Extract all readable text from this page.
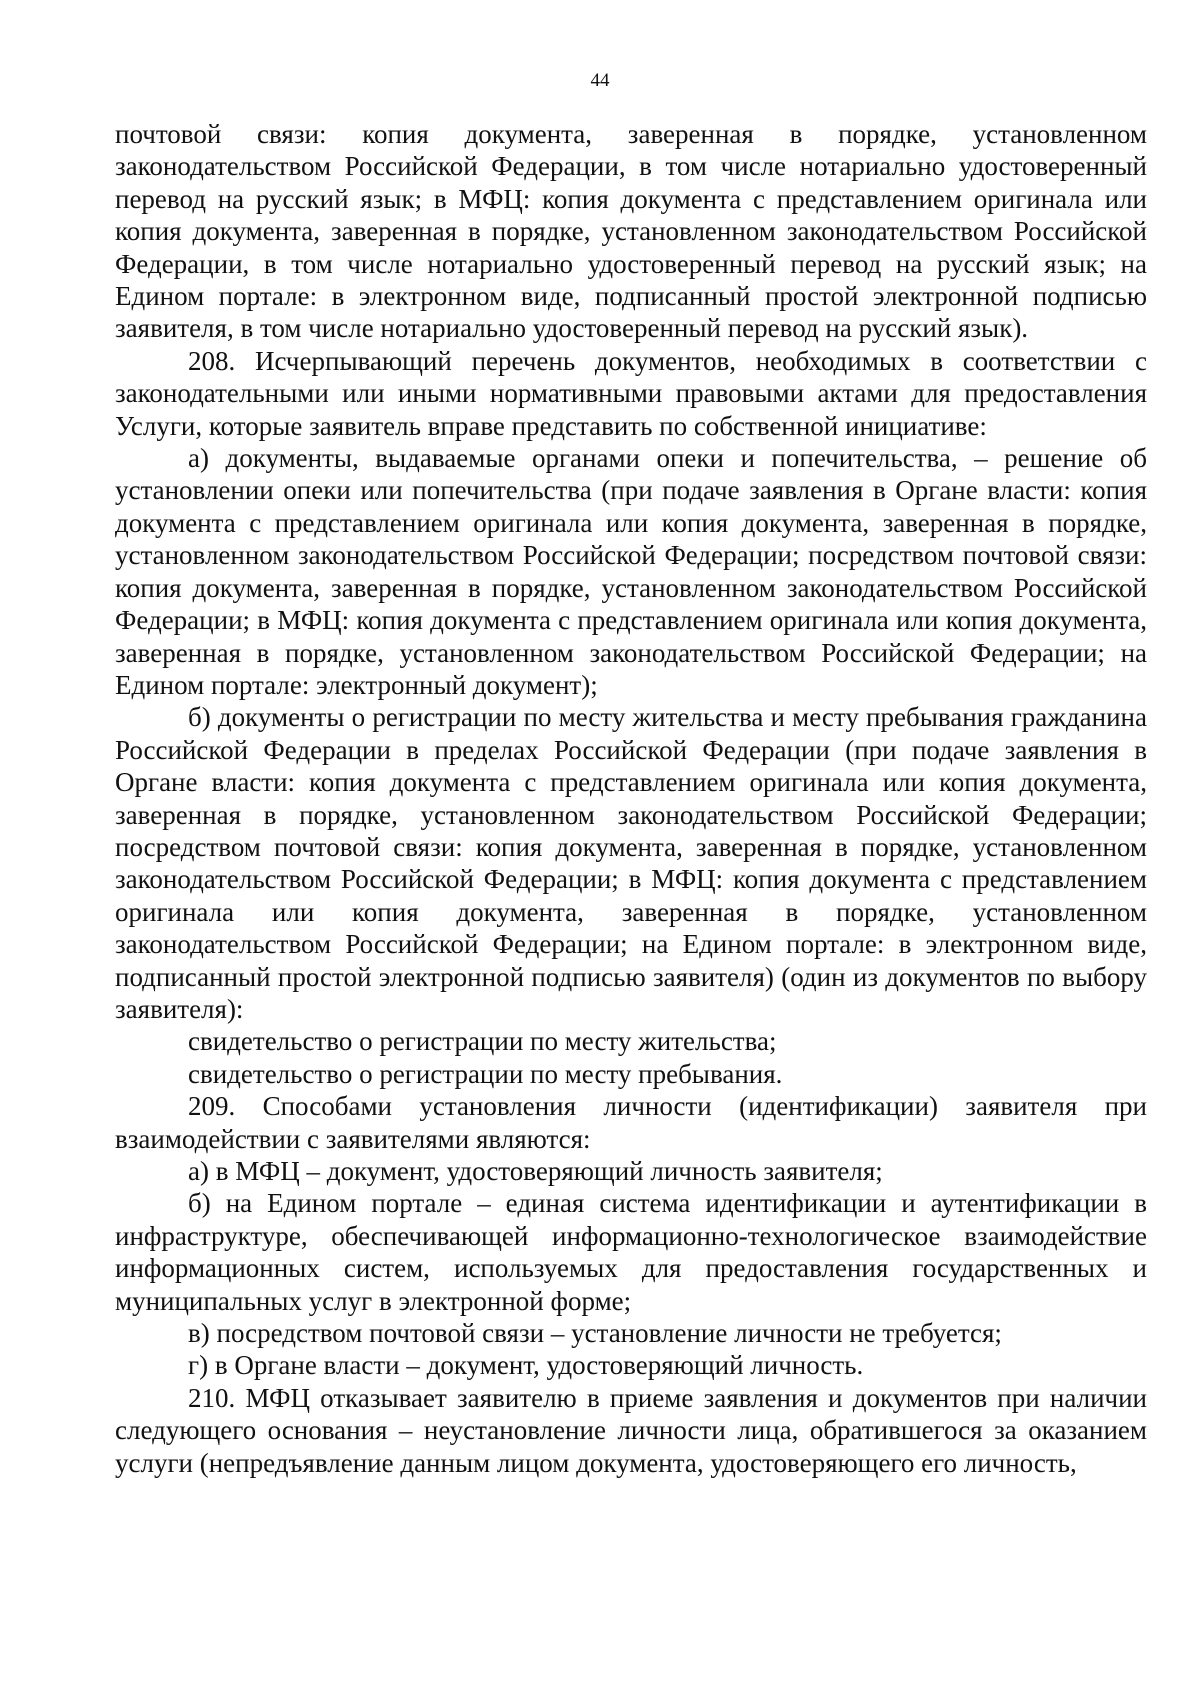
44

почтовой связи: копия документа, заверенная в порядке, установленном законодательством Российской Федерации, в том числе нотариально удостоверенный перевод на русский язык; в МФЦ: копия документа с представлением оригинала или копия документа, заверенная в порядке, установленном законодательством Российской Федерации, в том числе нотариально удостоверенный перевод на русский язык; на Едином портале: в электронном виде, подписанный простой электронной подписью заявителя, в том числе нотариально удостоверенный перевод на русский язык).

208. Исчерпывающий перечень документов, необходимых в соответствии с законодательными или иными нормативными правовыми актами для предоставления Услуги, которые заявитель вправе представить по собственной инициативе:

а) документы, выдаваемые органами опеки и попечительства, – решение об установлении опеки или попечительства (при подаче заявления в Органе власти: копия документа с представлением оригинала или копия документа, заверенная в порядке, установленном законодательством Российской Федерации; посредством почтовой связи: копия документа, заверенная в порядке, установленном законодательством Российской Федерации; в МФЦ: копия документа с представлением оригинала или копия документа, заверенная в порядке, установленном законодательством Российской Федерации; на Едином портале: электронный документ);

б) документы о регистрации по месту жительства и месту пребывания гражданина Российской Федерации в пределах Российской Федерации (при подаче заявления в Органе власти: копия документа с представлением оригинала или копия документа, заверенная в порядке, установленном законодательством Российской Федерации; посредством почтовой связи: копия документа, заверенная в порядке, установленном законодательством Российской Федерации; в МФЦ: копия документа с представлением оригинала или копия документа, заверенная в порядке, установленном законодательством Российской Федерации; на Едином портале: в электронном виде, подписанный простой электронной подписью заявителя) (один из документов по выбору заявителя):

свидетельство о регистрации по месту жительства;

свидетельство о регистрации по месту пребывания.

209. Способами установления личности (идентификации) заявителя при взаимодействии с заявителями являются:

а) в МФЦ – документ, удостоверяющий личность заявителя;

б) на Едином портале – единая система идентификации и аутентификации в инфраструктуре, обеспечивающей информационно-технологическое взаимодействие информационных систем, используемых для предоставления государственных и муниципальных услуг в электронной форме;

в) посредством почтовой связи – установление личности не требуется;

г) в Органе власти – документ, удостоверяющий личность.

210. МФЦ отказывает заявителю в приеме заявления и документов при наличии следующего основания – неустановление личности лица, обратившегося за оказанием услуги (непредъявление данным лицом документа, удостоверяющего его личность,
